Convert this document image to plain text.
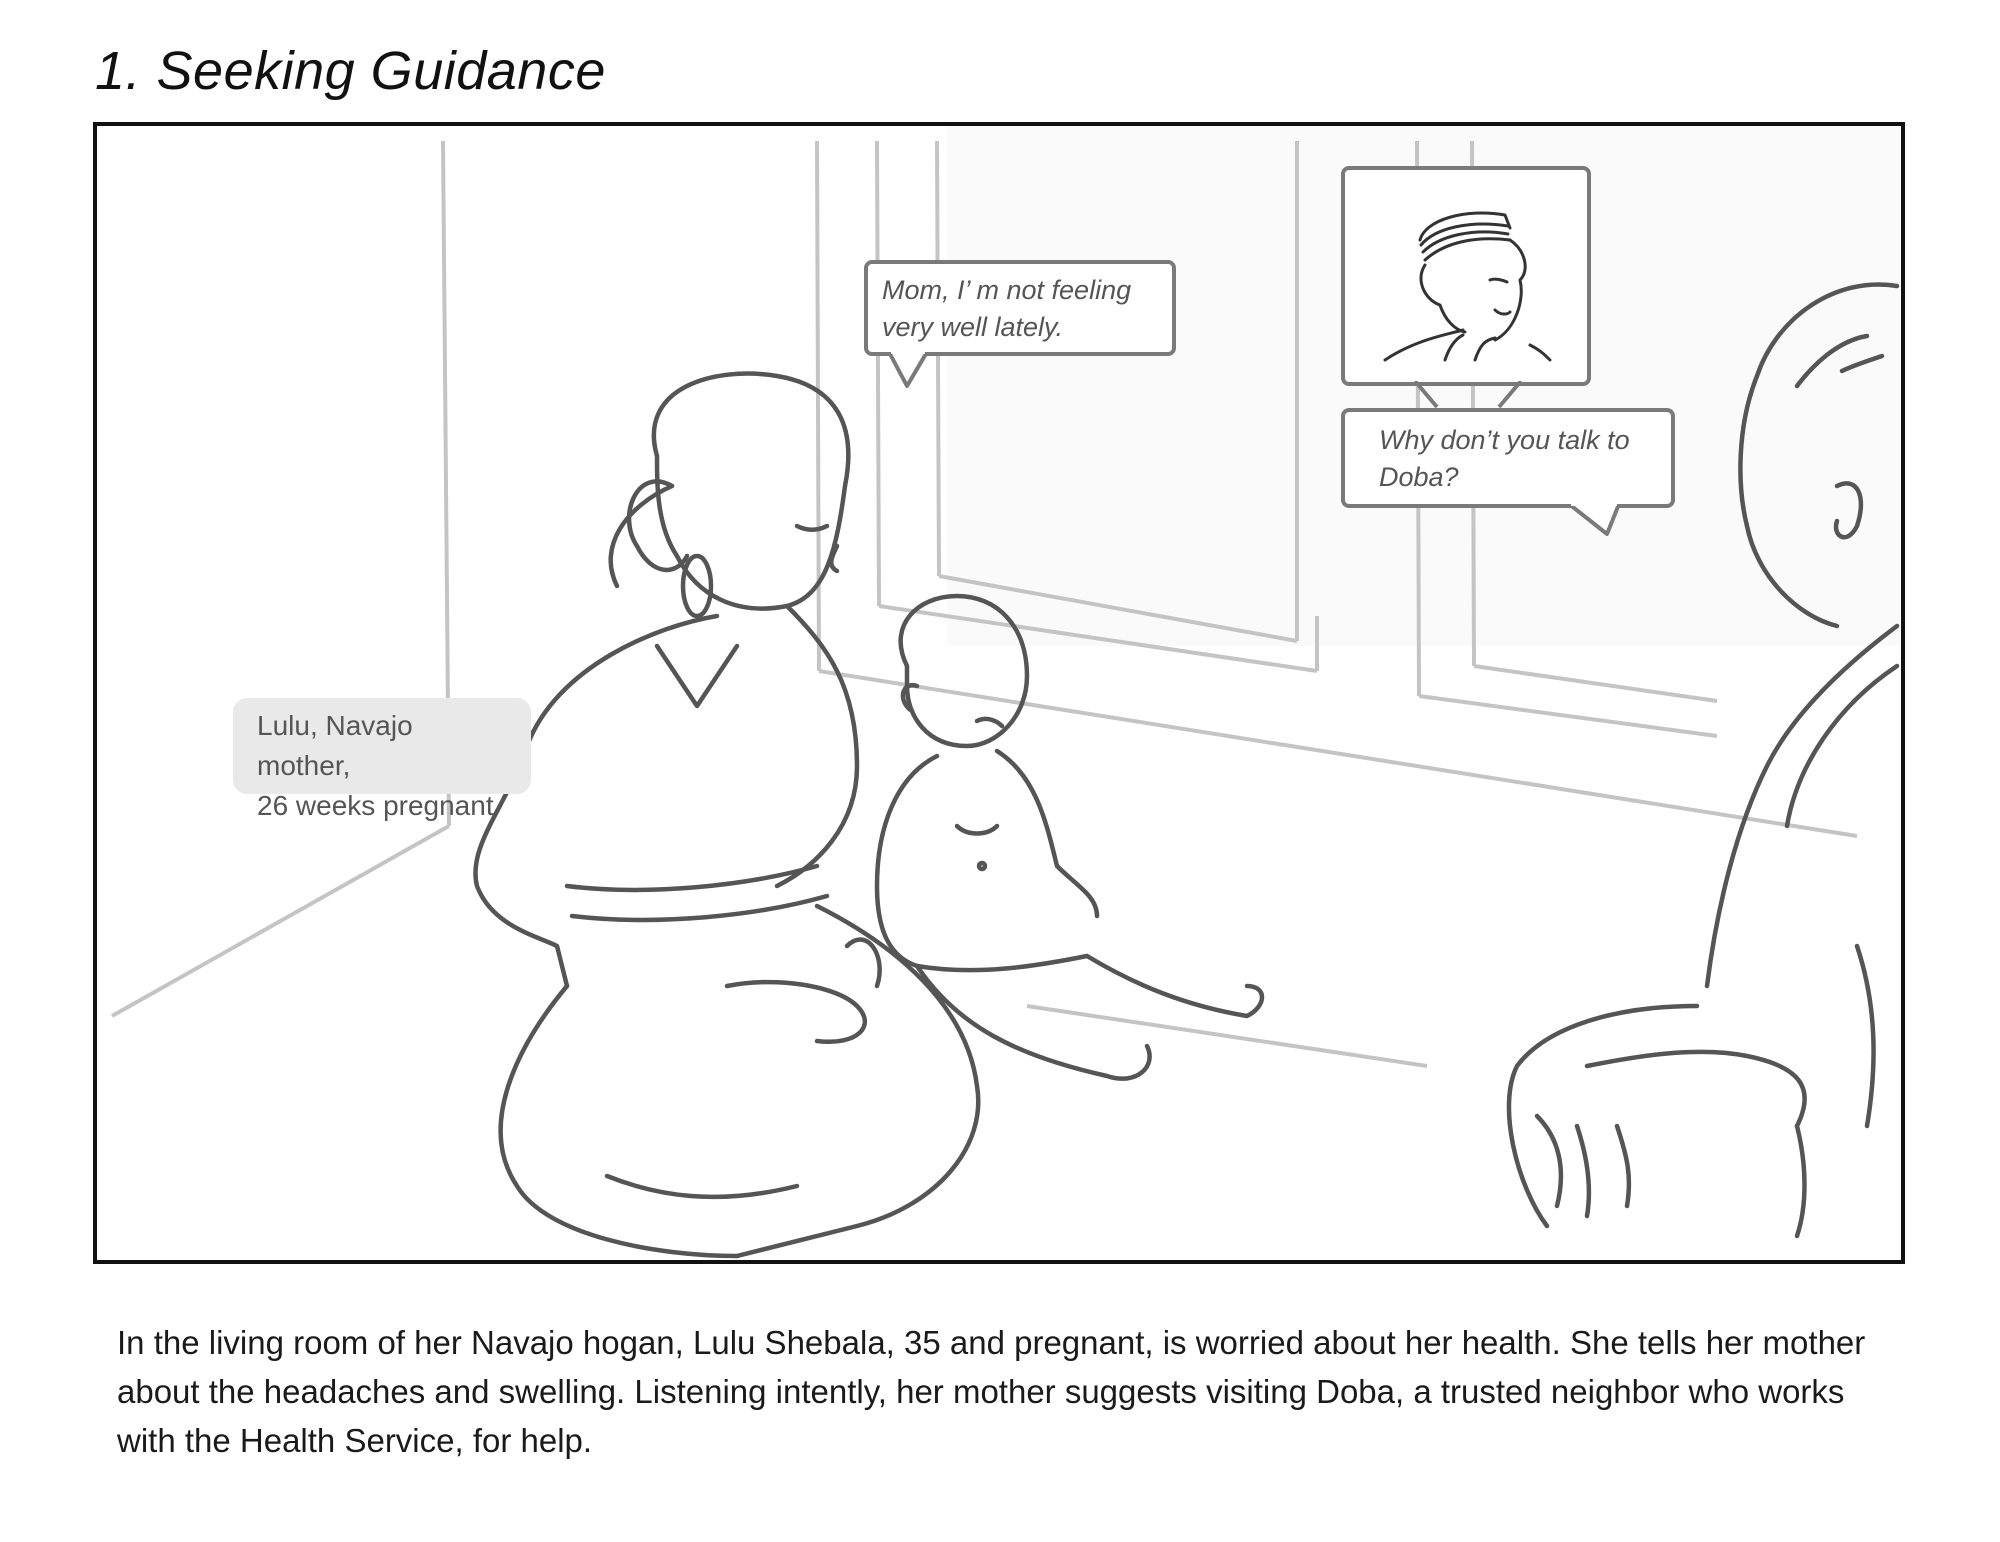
1. Seeking Guidance
Mom, I’ m not feeling
very well lately.
Why don’t you talk to
Doba?
Lulu, Navajo mother,
26 weeks pregnant

In the living room of her Navajo hogan, Lulu Shebala, 35 and pregnant, is worried about her health. She tells her mother about the headaches and swelling. Listening intently, her mother suggests visiting Doba, a trusted neighbor who works with the Health Service, for help.
